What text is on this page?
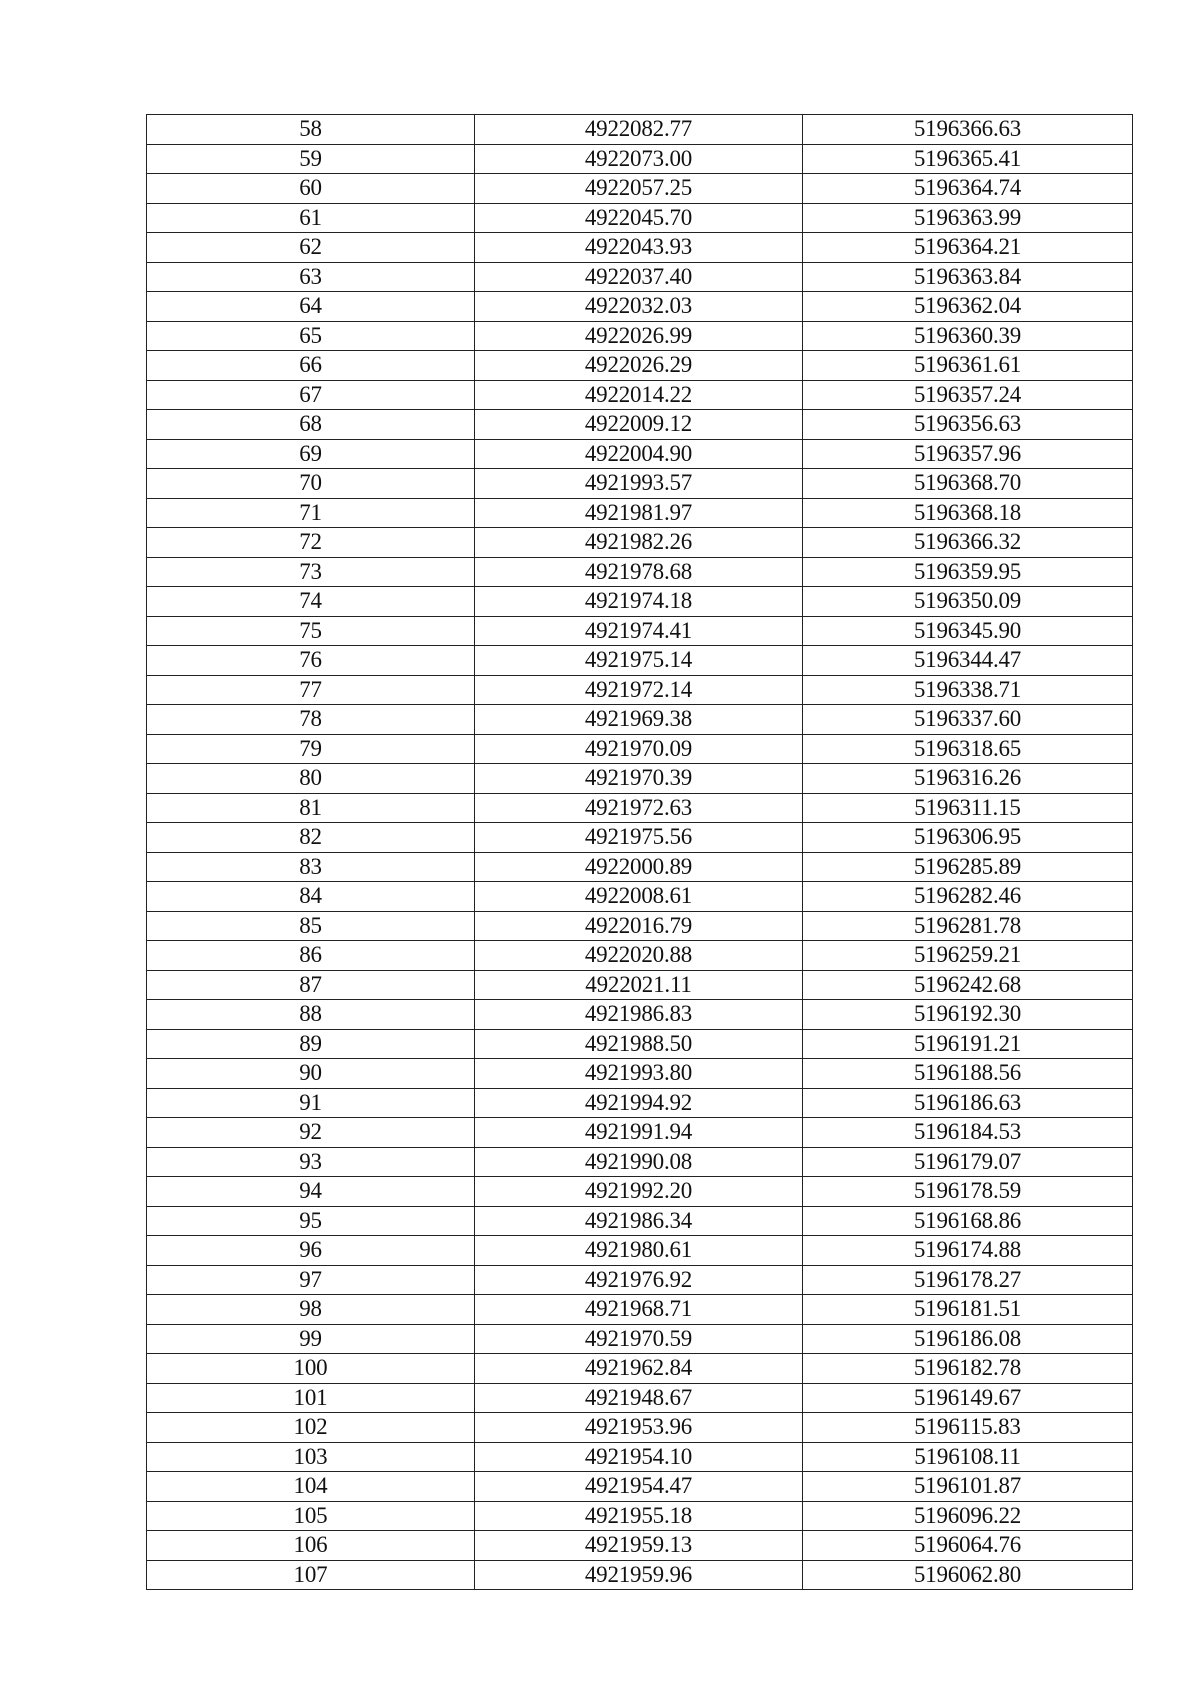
58	4922082.77	5196366.63
59	4922073.00	5196365.41
60	4922057.25	5196364.74
61	4922045.70	5196363.99
62	4922043.93	5196364.21
63	4922037.40	5196363.84
64	4922032.03	5196362.04
65	4922026.99	5196360.39
66	4922026.29	5196361.61
67	4922014.22	5196357.24
68	4922009.12	5196356.63
69	4922004.90	5196357.96
70	4921993.57	5196368.70
71	4921981.97	5196368.18
72	4921982.26	5196366.32
73	4921978.68	5196359.95
74	4921974.18	5196350.09
75	4921974.41	5196345.90
76	4921975.14	5196344.47
77	4921972.14	5196338.71
78	4921969.38	5196337.60
79	4921970.09	5196318.65
80	4921970.39	5196316.26
81	4921972.63	5196311.15
82	4921975.56	5196306.95
83	4922000.89	5196285.89
84	4922008.61	5196282.46
85	4922016.79	5196281.78
86	4922020.88	5196259.21
87	4922021.11	5196242.68
88	4921986.83	5196192.30
89	4921988.50	5196191.21
90	4921993.80	5196188.56
91	4921994.92	5196186.63
92	4921991.94	5196184.53
93	4921990.08	5196179.07
94	4921992.20	5196178.59
95	4921986.34	5196168.86
96	4921980.61	5196174.88
97	4921976.92	5196178.27
98	4921968.71	5196181.51
99	4921970.59	5196186.08
100	4921962.84	5196182.78
101	4921948.67	5196149.67
102	4921953.96	5196115.83
103	4921954.10	5196108.11
104	4921954.47	5196101.87
105	4921955.18	5196096.22
106	4921959.13	5196064.76
107	4921959.96	5196062.80
